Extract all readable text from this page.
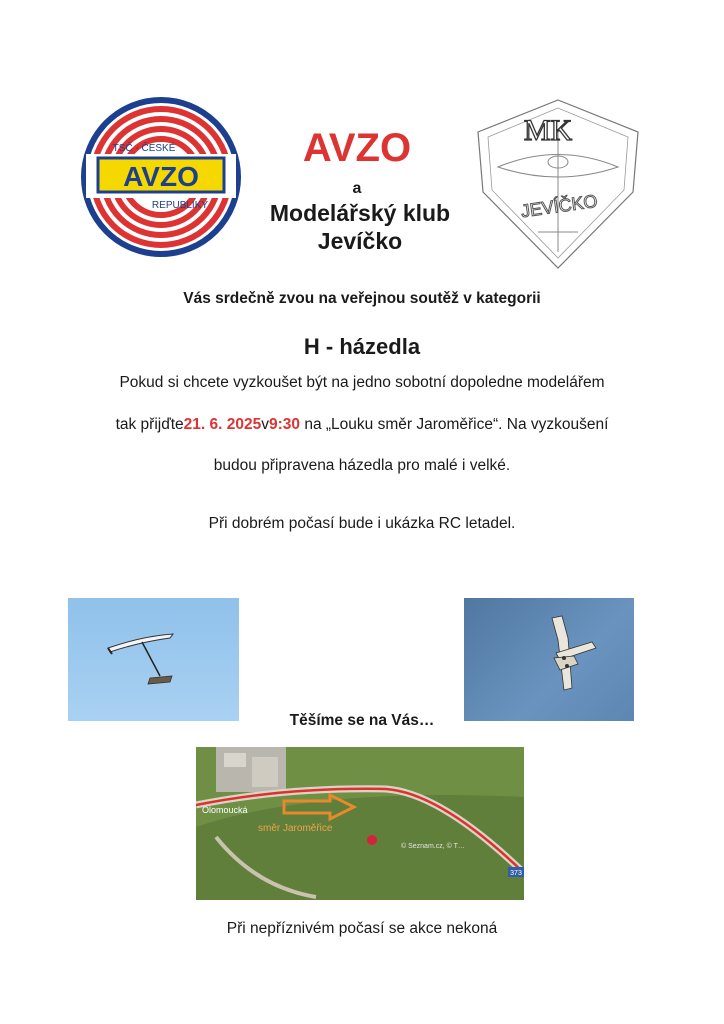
AVZO
TSČ - ČESKÉ
REPUBLIKY
MK
JEVÍČKO
AVZO
a
Modelářský klub
Jevíčko
Vás srdečně zvou na veřejnou soutěž v kategorii
H - házedla
Pokud si chcete vyzkoušet být na jedno sobotní dopoledne modelářem
tak přijďte21. 6. 2025v9:30 na „Louku směr Jaroměřice“. Na vyzkoušení
budou připravena házedla pro malé i velké.
Při dobrém počasí bude i ukázka RC letadel.
Těšíme se na Vás…
Olomoucká
směr Jaroměřice
© Seznam.cz, © T…
373
Při nepříznivém počasí se akce nekoná
